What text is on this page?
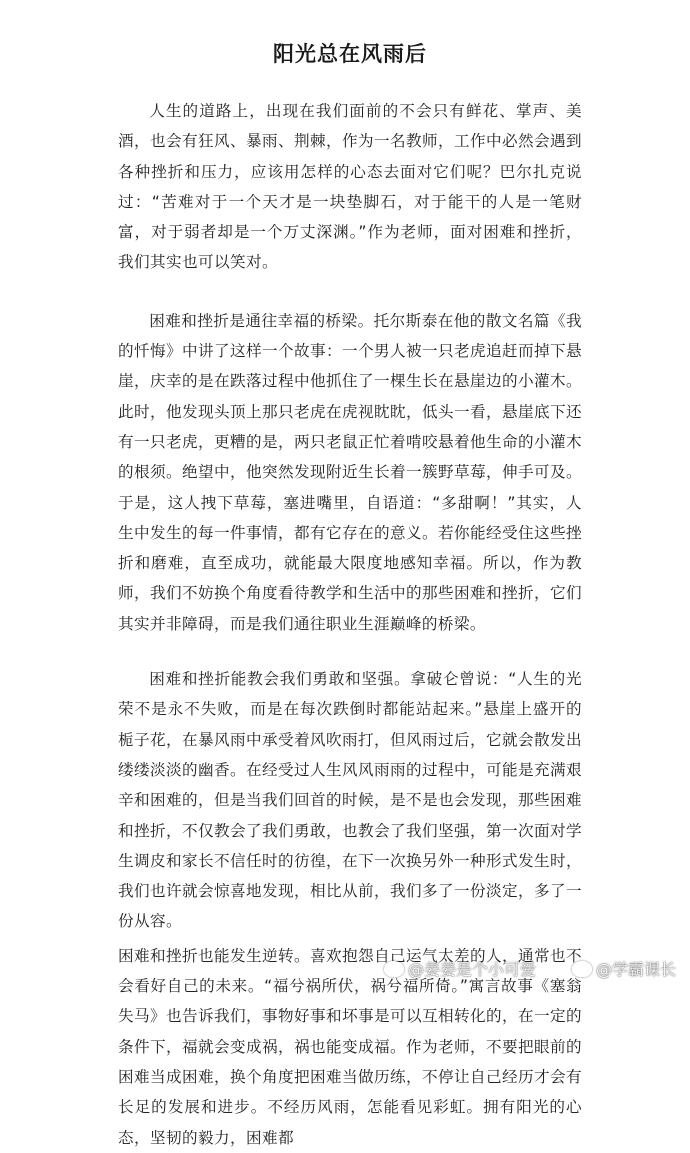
阳光总在风雨后

人生的道路上，出现在我们面前的不会只有鲜花、掌声、美酒，也会有狂风、暴雨、荆棘，作为一名教师，工作中必然会遇到各种挫折和压力，应该用怎样的心态去面对它们呢？巴尔扎克说过：“苦难对于一个天才是一块垫脚石，对于能干的人是一笔财富，对于弱者却是一个万丈深渊。”作为老师，面对困难和挫折，我们其实也可以笑对。

困难和挫折是通往幸福的桥梁。托尔斯泰在他的散文名篇《我的忏悔》中讲了这样一个故事：一个男人被一只老虎追赶而掉下悬崖，庆幸的是在跌落过程中他抓住了一棵生长在悬崖边的小灌木。此时，他发现头顶上那只老虎在虎视眈眈，低头一看，悬崖底下还有一只老虎，更糟的是，两只老鼠正忙着啃咬悬着他生命的小灌木的根须。绝望中，他突然发现附近生长着一簇野草莓，伸手可及。于是，这人拽下草莓，塞进嘴里，自语道：“多甜啊！”其实，人生中发生的每一件事情，都有它存在的意义。若你能经受住这些挫折和磨难，直至成功，就能最大限度地感知幸福。所以，作为教师，我们不妨换个角度看待教学和生活中的那些困难和挫折，它们其实并非障碍，而是我们通往职业生涯巅峰的桥梁。

困难和挫折能教会我们勇敢和坚强。拿破仑曾说：“人生的光荣不是永不失败，而是在每次跌倒时都能站起来。”悬崖上盛开的栀子花，在暴风雨中承受着风吹雨打，但风雨过后，它就会散发出缕缕淡淡的幽香。在经受过人生风风雨雨的过程中，可能是充满艰辛和困难的，但是当我们回首的时候，是不是也会发现，那些困难和挫折，不仅教会了我们勇敢，也教会了我们坚强，第一次面对学生调皮和家长不信任时的彷徨，在下一次换另外一种形式发生时，我们也许就会惊喜地发现，相比从前，我们多了一份淡定，多了一份从容。

困难和挫折也能发生逆转。喜欢抱怨自己运气太差的人，通常也不会看好自己的未来。“福兮祸所伏，祸兮福所倚。”寓言故事《塞翁失马》也告诉我们，事物好事和坏事是可以互相转化的，在一定的条件下，福就会变成祸，祸也能变成福。作为老师，不要把眼前的困难当成困难，换个角度把困难当做历练，不停让自己经历才会有长足的发展和进步。不经历风雨，怎能看见彩虹。拥有阳光的心态，坚韧的毅力，困难都

@姜姜是个小可爱	@学霸课长
